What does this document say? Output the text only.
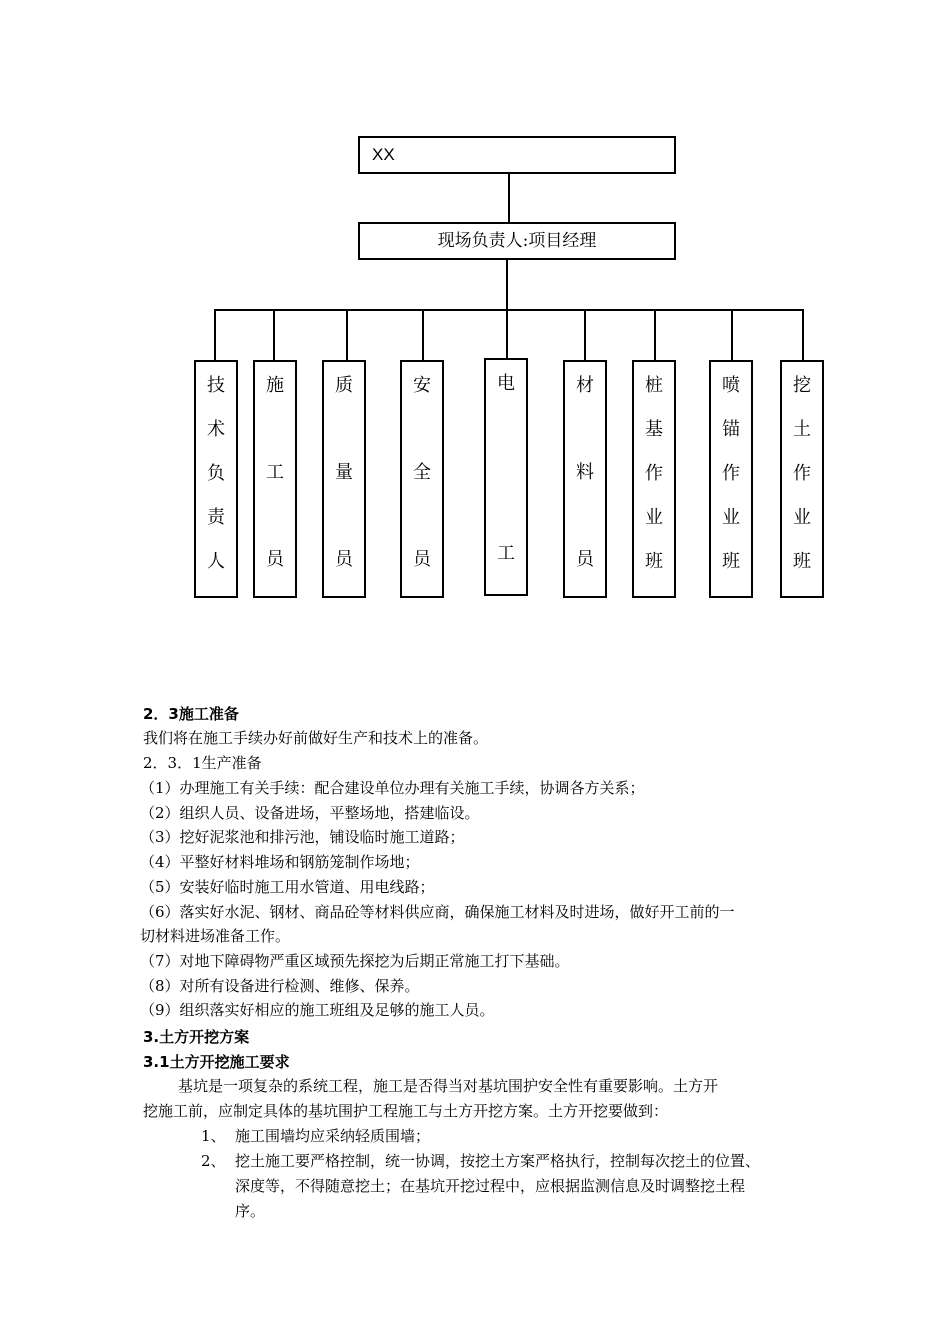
XX
现场负责人:项目经理
技
术
负
责
人
施
工
员
质
量
员
安
全
员
电
工
材
料
员
桩
基
作
业
班
喷
锚
作
业
班
挖
土
作
业
班
2．3施工准备
我们将在施工手续办好前做好生产和技术上的准备。
2．3．1生产准备
（1）办理施工有关手续：配合建设单位办理有关施工手续，协调各方关系；
（2）组织人员、设备进场，平整场地，搭建临设。
（3）挖好泥浆池和排污池，铺设临时施工道路；
（4）平整好材料堆场和钢筋笼制作场地；
（5）安装好临时施工用水管道、用电线路；
（6）落实好水泥、钢材、商品砼等材料供应商，确保施工材料及时进场，做好开工前的一
切材料进场准备工作。
（7）对地下障碍物严重区域预先探挖为后期正常施工打下基础。
（8）对所有设备进行检测、维修、保养。
（9）组织落实好相应的施工班组及足够的施工人员。
3.土方开挖方案
3.1土方开挖施工要求
基坑是一项复杂的系统工程，施工是否得当对基坑围护安全性有重要影响。土方开
挖施工前，应制定具体的基坑围护工程施工与土方开挖方案。土方开挖要做到：
1、 施工围墙均应采纳轻质围墙；
2、 挖土施工要严格控制，统一协调，按挖土方案严格执行，控制每次挖土的位置、
深度等，不得随意挖土；在基坑开挖过程中，应根据监测信息及时调整挖土程
序。
